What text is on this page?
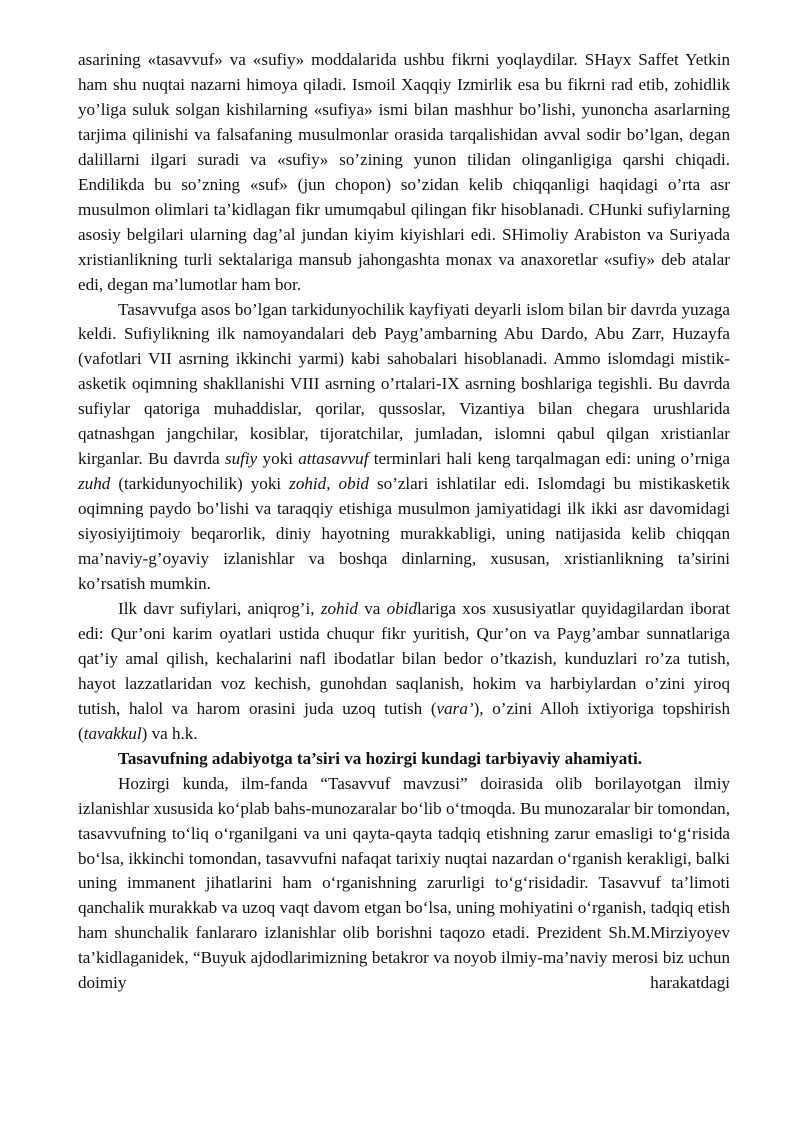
asarining «tasavvuf» va «sufiy» moddalarida ushbu fikrni yoqlaydilar. SHayx Saffet Yetkin ham shu nuqtai nazarni himoya qiladi. Ismoil Xaqqiy Izmirlik esa bu fikrni rad etib, zohidlik yo’liga suluk solgan kishilarning «sufiya» ismi bilan mashhur bo’lishi, yunoncha asarlarning tarjima qilinishi va falsafaning musulmonlar orasida tarqalishidan avval sodir bo’lgan, degan dalillarni ilgari suradi va «sufiy» so’zining yunon tilidan olinganligiga qarshi chiqadi. Endilikda bu so’zning «suf» (jun chopon) so’zidan kelib chiqqanligi haqidagi o’rta asr musulmon olimlari ta’kidlagan fikr umumqabul qilingan fikr hisoblanadi. CHunki sufiylarning asosiy belgilari ularning dag’al jundan kiyim kiyishlari edi. SHimoliy Arabiston va Suriyada xristianlikning turli sektalariga mansub jahongashta monax va anaxoretlar «sufiy» deb atalar edi, degan ma’lumotlar ham bor.

Tasavvufga asos bo’lgan tarkidunyochilik kayfiyati deyarli islom bilan bir davrda yuzaga keldi. Sufiylikning ilk namoyandalari deb Payg’ambarning Abu Dardo, Abu Zarr, Huzayfa (vafotlari VII asrning ikkinchi yarmi) kabi sahobalari hisoblanadi. Ammo islomdagi mistik-asketik oqimning shakllanishi VIII asrning o’rtalari-IX asrning boshlariga tegishli. Bu davrda sufiylar qatoriga muhaddislar, qorilar, qussoslar, Vizantiya bilan chegara urushlarida qatnashgan jangchilar, kosiblar, tijoratchilar, jumladan, islomni qabul qilgan xristianlar kirganlar. Bu davrda sufiy yoki attasavvuf terminlari hali keng tarqalmagan edi: uning o’rniga zuhd (tarkidunyochilik) yoki zohid, obid so’zlari ishlatilar edi. Islomdagi bu mistikasketik oqimning paydo bo’lishi va taraqqiy etishiga musulmon jamiyatidagi ilk ikki asr davomidagi siyosiyijtimoiy beqarorlik, diniy hayotning murakkabligi, uning natijasida kelib chiqqan ma’naviy-g’oyaviy izlanishlar va boshqa dinlarning, xususan, xristianlikning ta’sirini ko’rsatish mumkin.

Ilk davr sufiylari, aniqrog’i, zohid va obidlariga xos xususiyatlar quyidagilardan iborat edi: Qur’oni karim oyatlari ustida chuqur fikr yuritish, Qur’on va Payg’ambar sunnatlariga qat’iy amal qilish, kechalarini nafl ibodatlar bilan bedor o’tkazish, kunduzlari ro’za tutish, hayot lazzatlaridan voz kechish, gunohdan saqlanish, hokim va harbiylardan o’zini yiroq tutish, halol va harom orasini juda uzoq tutish (vara’), o’zini Alloh ixtiyoriga topshirish (tavakkul) va h.k.

Tasavufning adabiyotga ta’siri va hozirgi kundagi tarbiyaviy ahamiyati.

Hozirgi kunda, ilm-fanda “Tasavvuf mavzusi” doirasida olib borilayotgan ilmiy izlanishlar xususida ko‘plab bahs-munozaralar bo‘lib o‘tmoqda. Bu munozaralar bir tomondan, tasavvufning to‘liq o‘rganilgani va uni qayta-qayta tadqiq etishning zarur emasligi to‘g‘risida bo‘lsa, ikkinchi tomondan, tasavvufni nafaqat tarixiy nuqtai nazardan o‘rganish kerakligi, balki uning immanent jihatlarini ham o‘rganishning zarurligi to‘g‘risidadir. Tasavvuf ta’limoti qanchalik murakkab va uzoq vaqt davom etgan bo‘lsa, uning mohiyatini o‘rganish, tadqiq etish ham shunchalik fanlararo izlanishlar olib borishni taqozo etadi. Prezident Sh.M.Mirziyoyev ta’kidlaganidek, “Buyuk ajdodlarimizning betakror va noyob ilmiy-ma’naviy merosi biz uchun doimiy harakatdagi
